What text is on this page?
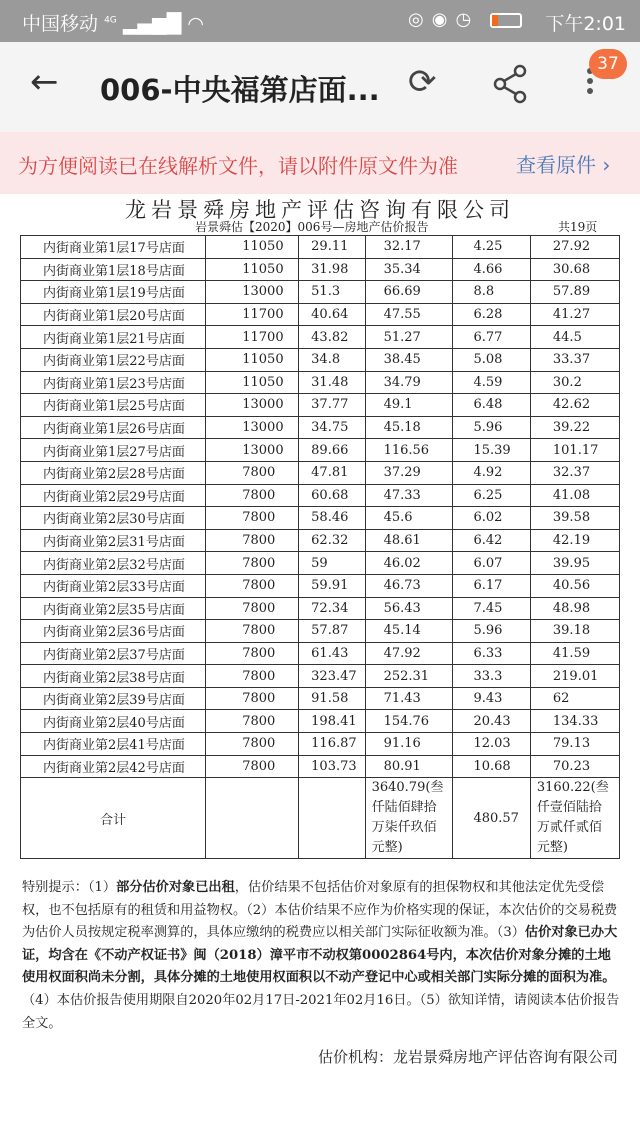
中国移动 $^{4G}$ ▂▄▆█ ◠	◎◉◷	下午2:01
← 006-中央福第店面... ⟳	37
为方便阅读已在线解析文件，请以附件原文件为准	查看原件 ›
龙岩景舜房地产评估咨询有限公司
岩景舜估【2020】006号—房地产估价报告	共19页
内街商业第1层17号店面	11050	29.11	32.17	4.25	27.92
内街商业第1层18号店面	11050	31.98	35.34	4.66	30.68
内街商业第1层19号店面	13000	51.3	66.69	8.8	57.89
内街商业第1层20号店面	11700	40.64	47.55	6.28	41.27
内街商业第1层21号店面	11700	43.82	51.27	6.77	44.5
内街商业第1层22号店面	11050	34.8	38.45	5.08	33.37
内街商业第1层23号店面	11050	31.48	34.79	4.59	30.2
内街商业第1层25号店面	13000	37.77	49.1	6.48	42.62
内街商业第1层26号店面	13000	34.75	45.18	5.96	39.22
内街商业第1层27号店面	13000	89.66	116.56	15.39	101.17
内街商业第2层28号店面	7800	47.81	37.29	4.92	32.37
内街商业第2层29号店面	7800	60.68	47.33	6.25	41.08
内街商业第2层30号店面	7800	58.46	45.6	6.02	39.58
内街商业第2层31号店面	7800	62.32	48.61	6.42	42.19
内街商业第2层32号店面	7800	59	46.02	6.07	39.95
内街商业第2层33号店面	7800	59.91	46.73	6.17	40.56
内街商业第2层35号店面	7800	72.34	56.43	7.45	48.98
内街商业第2层36号店面	7800	57.87	45.14	5.96	39.18
内街商业第2层37号店面	7800	61.43	47.92	6.33	41.59
内街商业第2层38号店面	7800	323.47	252.31	33.3	219.01
内街商业第2层39号店面	7800	91.58	71.43	9.43	62
内街商业第2层40号店面	7800	198.41	154.76	20.43	134.33
内街商业第2层41号店面	7800	116.87	91.16	12.03	79.13
内街商业第2层42号店面	7800	103.73	80.91	10.68	70.23
合计			3640.79(叁仟陆佰肆拾万柒仟玖佰元整)	480.57	3160.22(叁仟壹佰陆拾万贰仟贰佰元整)
特别提示：（1）部分估价对象已出租，估价结果不包括估价对象原有的担保物权和其他法定优先受偿权，也不包括原有的租赁和用益物权。（2）本估价结果不应作为价格实现的保证，本次估价的交易税费为估价人员按规定税率测算的，具体应缴纳的税费应以相关部门实际征收额为准。（3）估价对象已办大证，均含在《不动产权证书》闽（2018）漳平市不动权第0002864号内，本次估价对象分摊的土地使用权面积尚未分割，具体分摊的土地使用权面积以不动产登记中心或相关部门实际分摊的面积为准。（4）本估价报告使用期限自2020年02月17日-2021年02月16日。（5）欲知详情，请阅读本估价报告全文。
估价机构：龙岩景舜房地产评估咨询有限公司
